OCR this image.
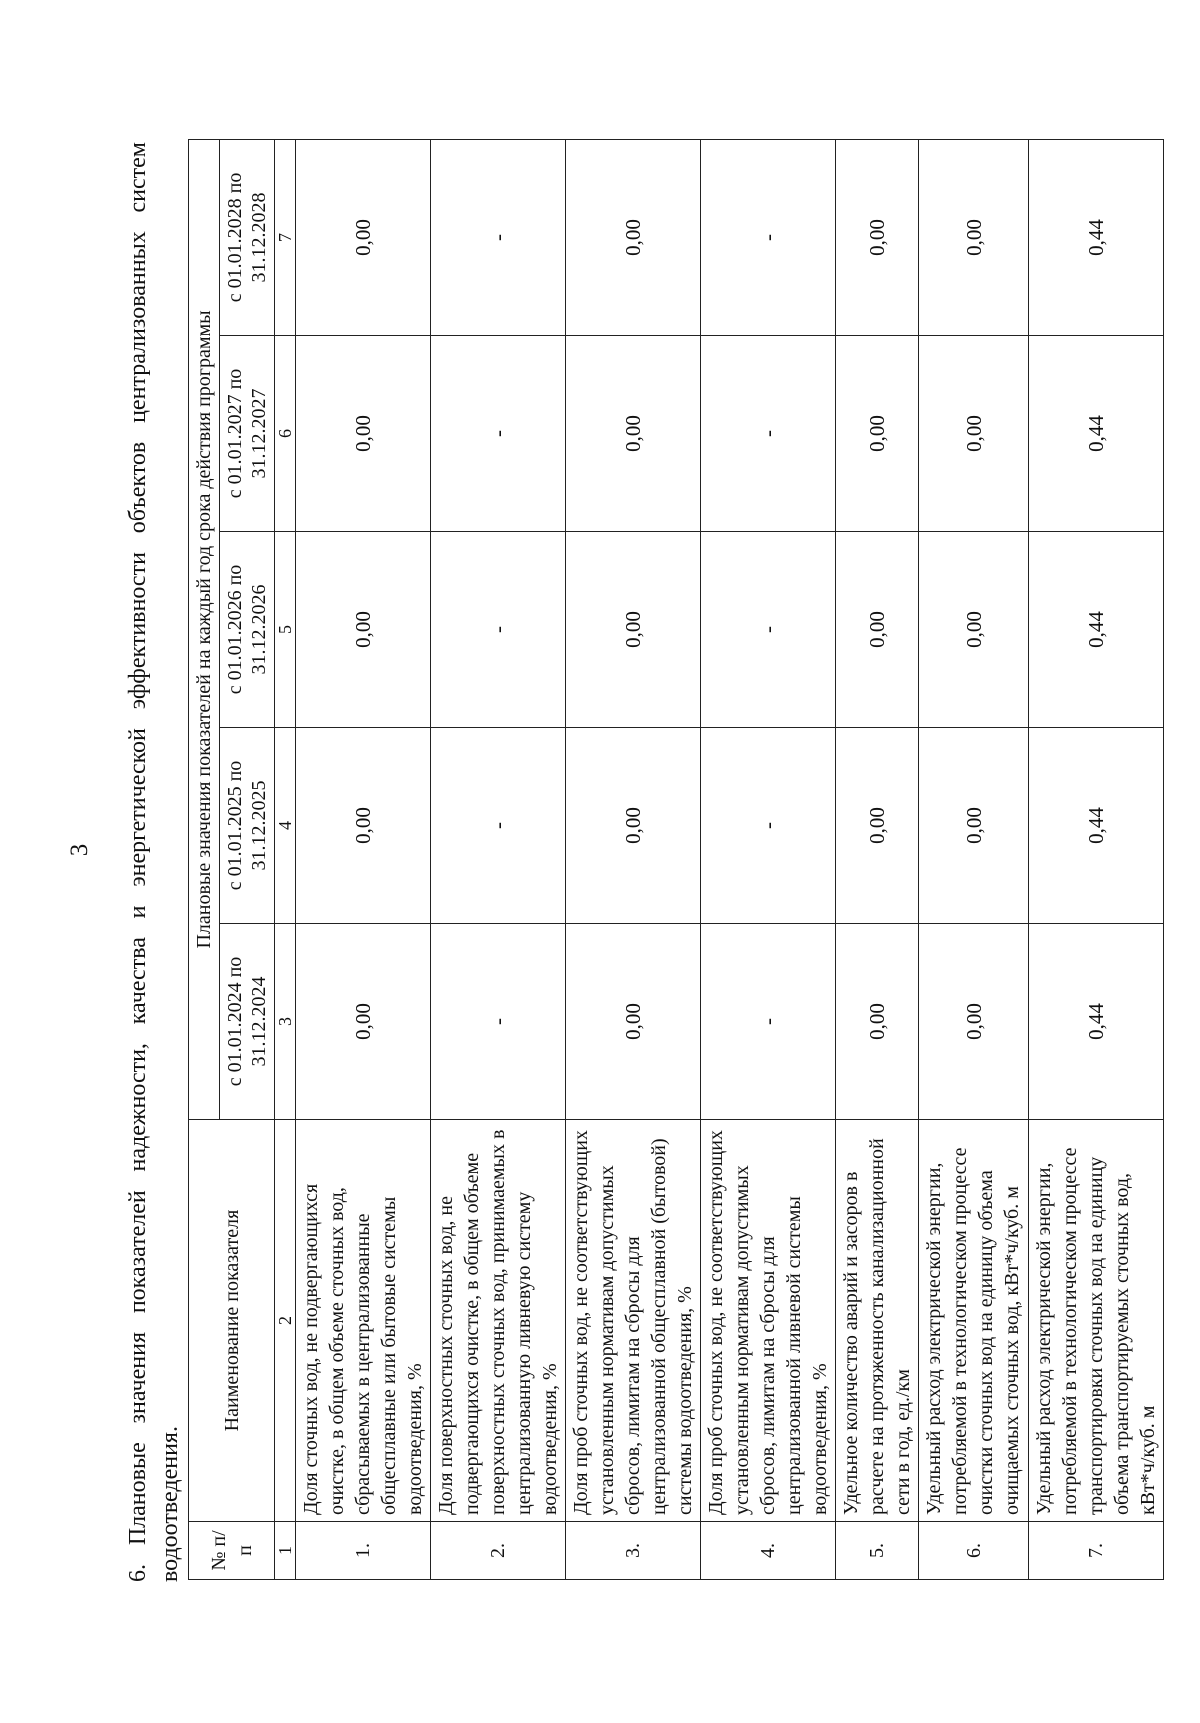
3 6. Плановые значения показателей надежности, качества и энергетической эффективности объектов централизованных систем водоотведения. № п/п	Наименование показателя	Плановые значения показателей на каждый год срока действия программы				
		с 01.01.2024 по 31.12.2024	с 01.01.2025 по 31.12.2025	с 01.01.2026 по 31.12.2026	с 01.01.2027 по 31.12.2027	с 01.01.2028 по 31.12.2028
1	2	3	4	5	6	7
1.	Доля сточных вод, не подвергающихся очистке, в общем объеме сточных вод, сбрасываемых в централизованные общесплавные или бытовые системы водоотведения, %	0,00	0,00	0,00	0,00	0,00
2.	Доля поверхностных сточных вод, не подвергающихся очистке, в общем объеме поверхностных сточных вод, принимаемых в централизованную ливневую систему водоотведения, %	-	-	-	-	-
3.	Доля проб сточных вод, не соответствующих установленным нормативам допустимых сбросов, лимитам на сбросы для централизованной общесплавной (бытовой) системы водоотведения, %	0,00	0,00	0,00	0,00	0,00
4.	Доля проб сточных вод, не соответствующих установленным нормативам допустимых сбросов, лимитам на сбросы для централизованной ливневой системы водоотведения, %	-	-	-	-	-
5.	Удельное количество аварий и засоров в расчете на протяженность канализационной сети в год, ед./км	0,00	0,00	0,00	0,00	0,00
6.	Удельный расход электрической энергии, потребляемой в технологическом процессе очистки сточных вод на единицу объема очищаемых сточных вод, кВт*ч/куб. м	0,00	0,00	0,00	0,00	0,00
7.	Удельный расход электрической энергии, потребляемой в технологическом процессе транспортировки сточных вод на единицу объема транспортируемых сточных вод, кВт*ч/куб. м	0,44	0,44	0,44	0,44	0,44
